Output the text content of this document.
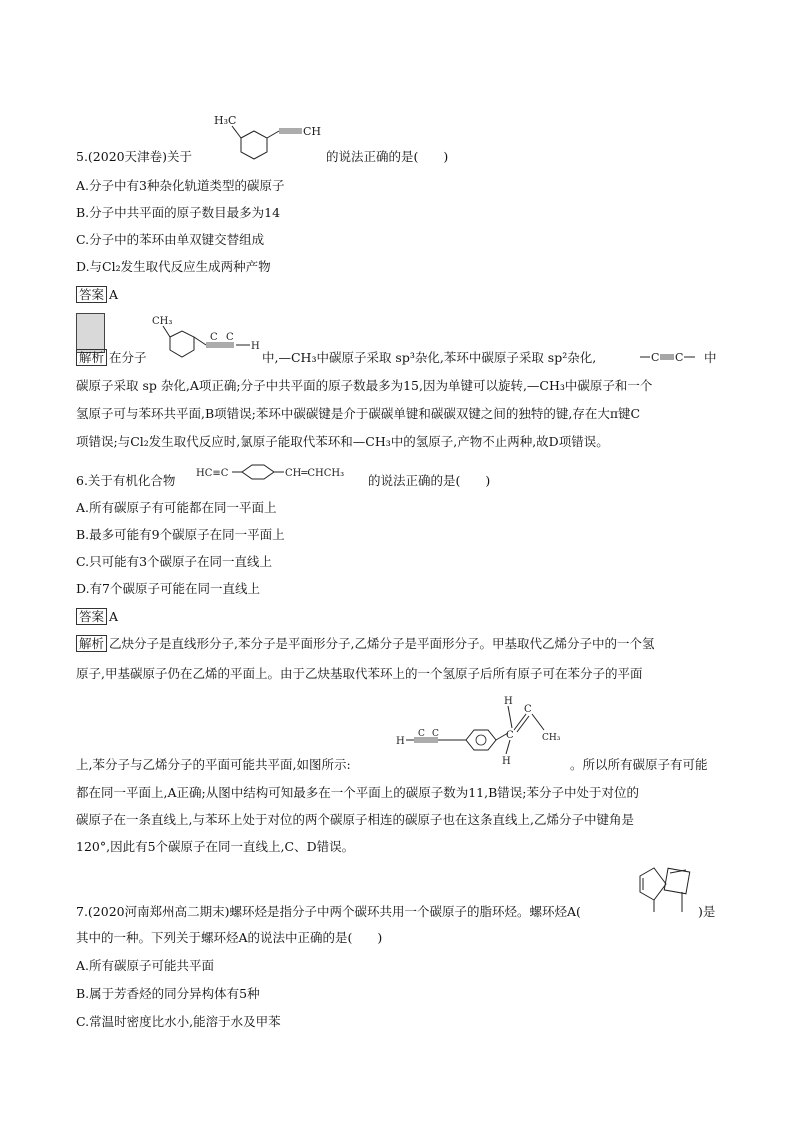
5.(2020天津卷)关于
H₃C
CH
的说法正确的是(　　)
A.分子中有3种杂化轨道类型的碳原子
B.分子中共平面的原子数目最多为14
C.分子中的苯环由单双键交替组成
D.与Cl₂发生取代反应生成两种产物
答案 A
解析 在分子
CH₃
C C
H
中,—CH₃中碳原子采取 sp³杂化,苯环中碳原子采取 sp²杂化,	C C 中
碳原子采取 sp 杂化,A项正确;分子中共平面的原子数最多为15,因为单键可以旋转,—CH₃中碳原子和一个
氢原子可与苯环共平面,B项错误;苯环中碳碳键是介于碳碳单键和碳碳双键之间的独特的键,存在大π键C
项错误;与Cl₂发生取代反应时,氯原子能取代苯环和—CH₃中的氢原子,产物不止两种,故D项错误。
6.关于有机化合物 HC≡C	CH═CHCH₃ 的说法正确的是(　　)
A.所有碳原子有可能都在同一平面上
B.最多可能有9个碳原子在同一平面上
C.只可能有3个碳原子在同一直线上
D.有7个碳原子可能在同一直线上
答案 A
解析 乙炔分子是直线形分子,苯分子是平面形分子,乙烯分子是平面形分子。甲基取代乙烯分子中的一个氢
原子,甲基碳原子仍在乙烯的平面上。由于乙炔基取代苯环上的一个氢原子后所有原子可在苯分子的平面
H
C C	C
H
C
CH₃
H
上,苯分子与乙烯分子的平面可能共平面,如图所示:	。所以所有碳原子有可能
都在同一平面上,A正确;从图中结构可知最多在一个平面上的碳原子数为11,B错误;苯分子中处于对位的
碳原子在一条直线上,与苯环上处于对位的两个碳原子相连的碳原子也在这条直线上,乙烯分子中键角是
120°,因此有5个碳原子在同一直线上,C、D错误。
7.(2020河南郑州高二期末)螺环烃是指分子中两个碳环共用一个碳原子的脂环烃。螺环烃A(	)是
其中的一种。下列关于螺环烃A的说法中正确的是(　　)
A.所有碳原子可能共平面
B.属于芳香烃的同分异构体有5种
C.常温时密度比水小,能溶于水及甲苯
